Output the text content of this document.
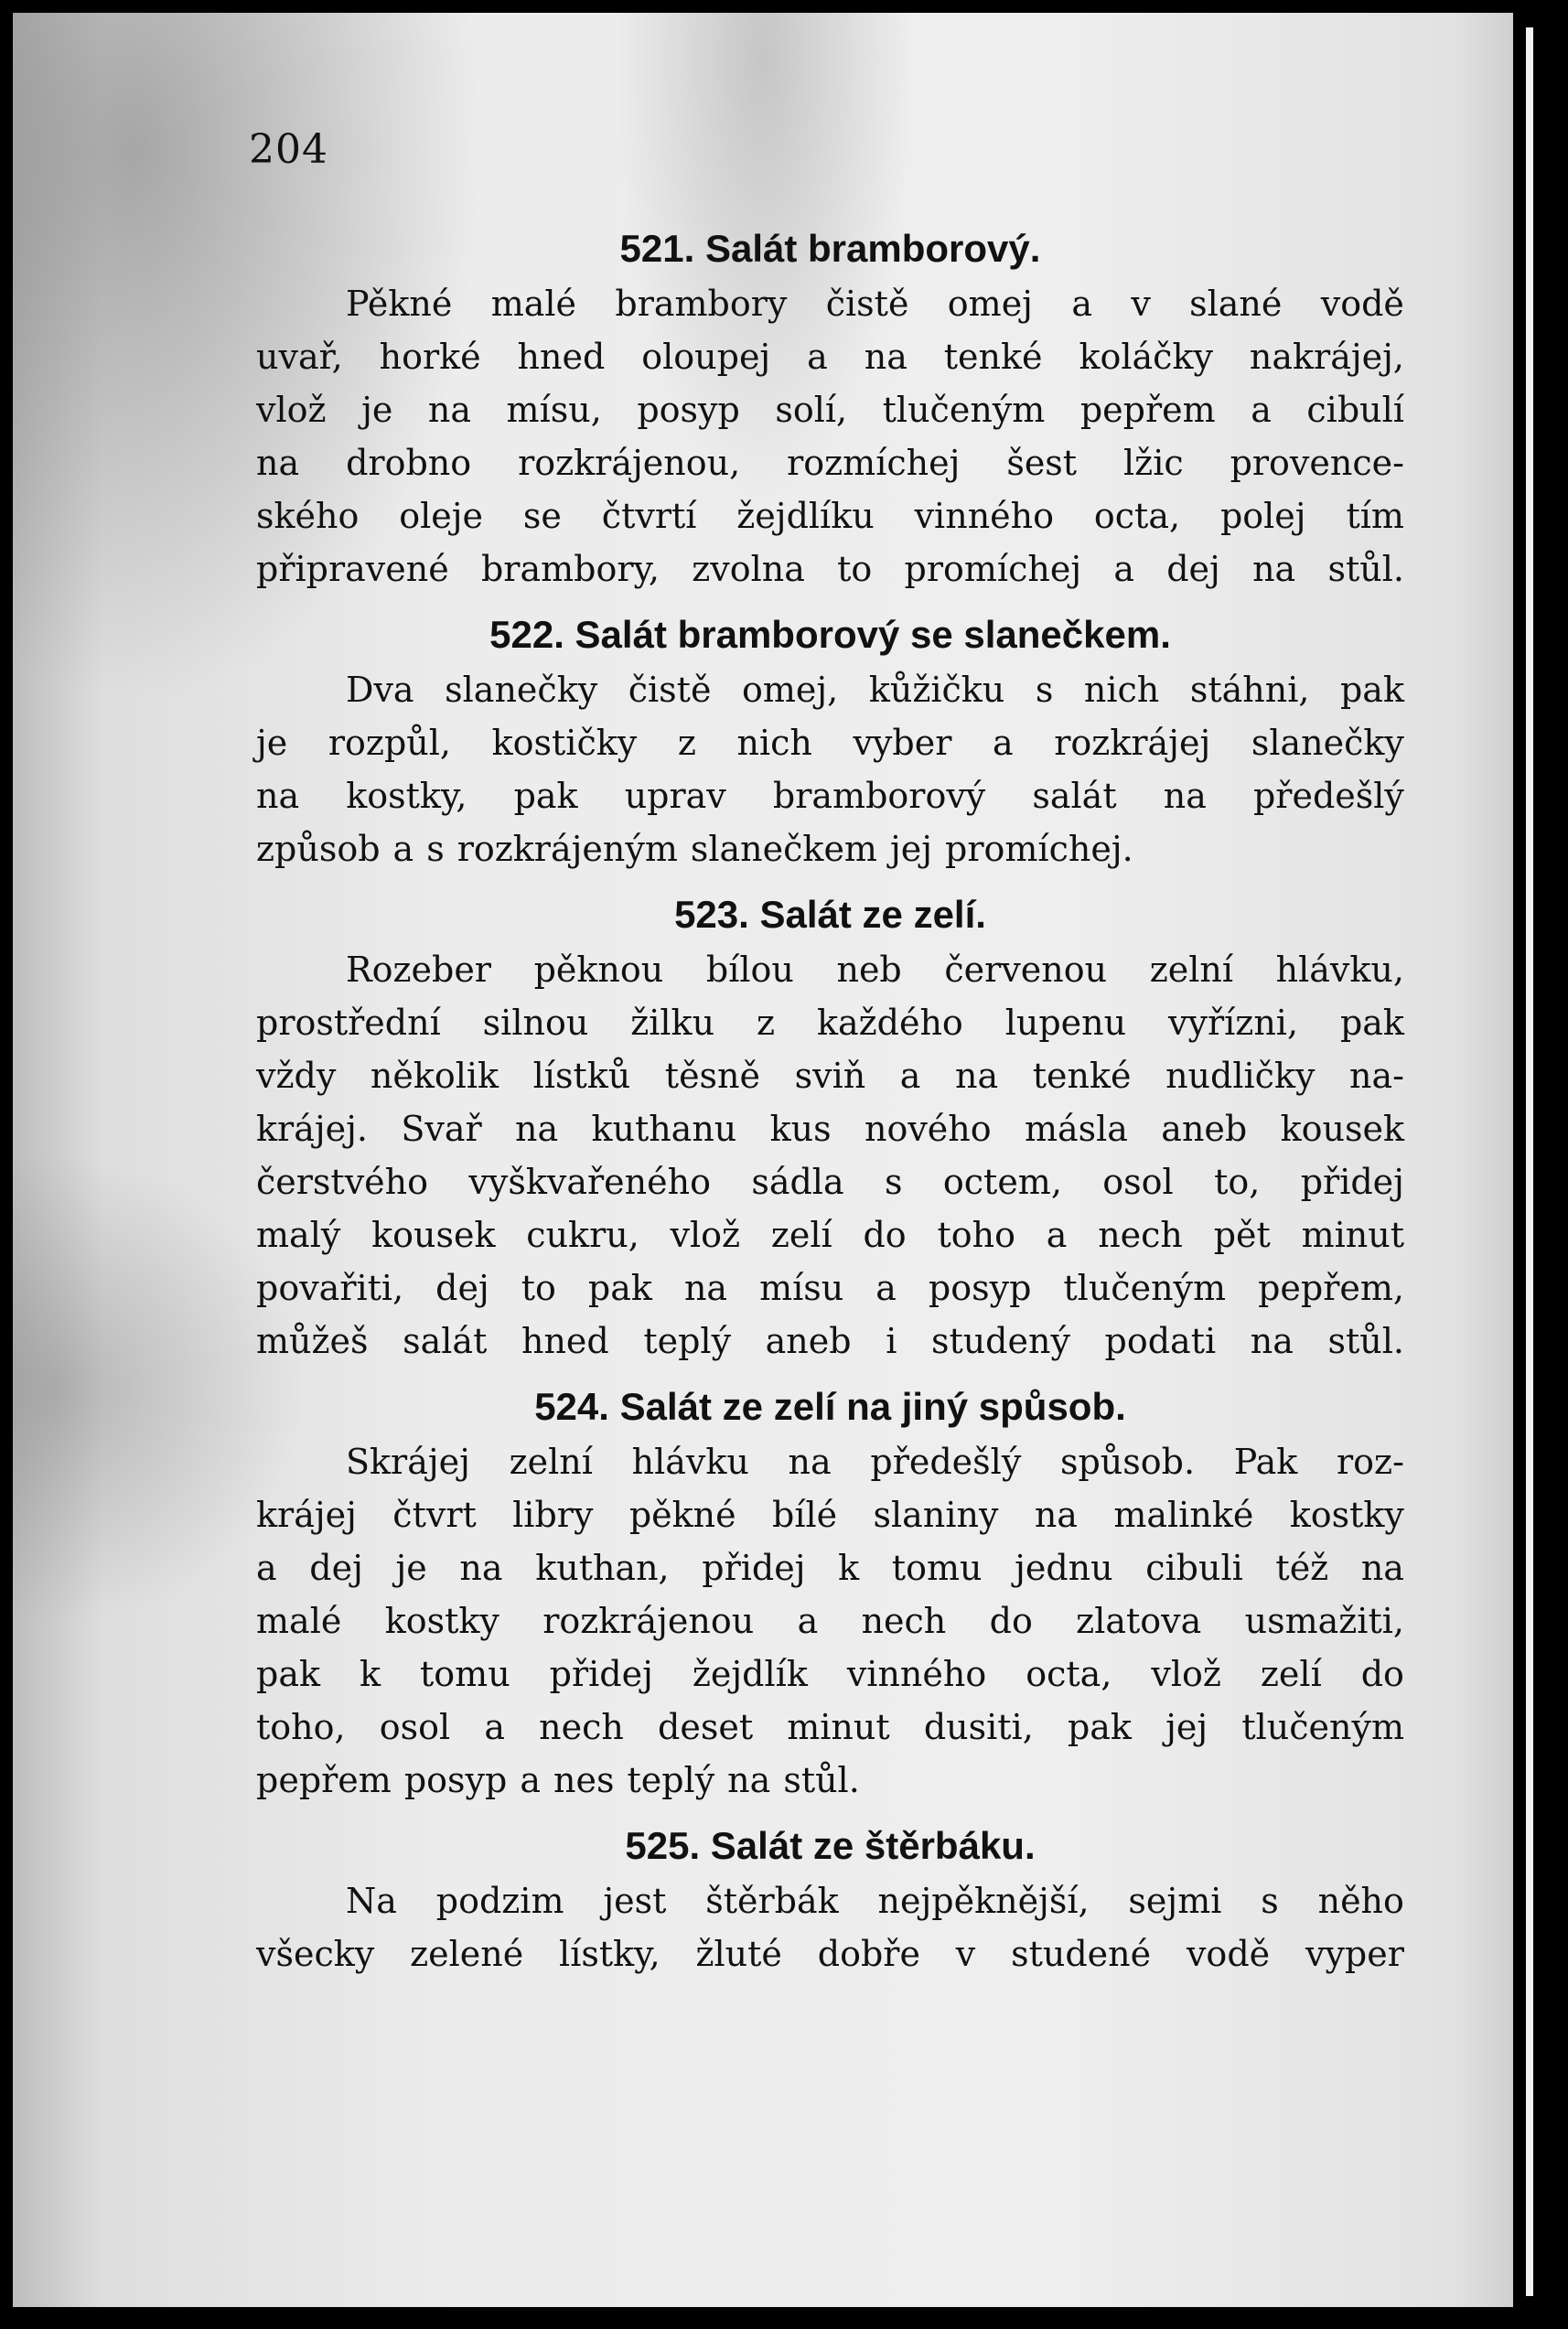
204
521. Salát bramborový.
Pěkné malé brambory čistě omej a v slané vodě
uvař, horké hned oloupej a na tenké koláčky nakrájej,
vlož je na mísu, posyp solí, tlučeným pepřem a cibulí
na drobno rozkrájenou, rozmíchej šest lžic provence-
ského oleje se čtvrtí žejdlíku vinného octa, polej tím
připravené brambory, zvolna to promíchej a dej na stůl.
522. Salát bramborový se slanečkem.
Dva slanečky čistě omej, kůžičku s nich stáhni, pak
je rozpůl, kostičky z nich vyber a rozkrájej slanečky
na kostky, pak uprav bramborový salát na předešlý
způsob a s rozkrájeným slanečkem jej promíchej.
523. Salát ze zelí.
Rozeber pěknou bílou neb červenou zelní hlávku,
prostřední silnou žilku z každého lupenu vyřízni, pak
vždy několik lístků těsně sviň a na tenké nudličky na-
krájej. Svař na kuthanu kus nového másla aneb kousek
čerstvého vyškvařeného sádla s octem, osol to, přidej
malý kousek cukru, vlož zelí do toho a nech pět minut
povařiti, dej to pak na mísu a posyp tlučeným pepřem,
můžeš salát hned teplý aneb i studený podati na stůl.
524. Salát ze zelí na jiný spůsob.
Skrájej zelní hlávku na předešlý spůsob. Pak roz-
krájej čtvrt libry pěkné bílé slaniny na malinké kostky
a dej je na kuthan, přidej k tomu jednu cibuli též na
malé kostky rozkrájenou a nech do zlatova usmažiti,
pak k tomu přidej žejdlík vinného octa, vlož zelí do
toho, osol a nech deset minut dusiti, pak jej tlučeným
pepřem posyp a nes teplý na stůl.
525. Salát ze štěrbáku.
Na podzim jest štěrbák nejpěknější, sejmi s něho
všecky zelené lístky, žluté dobře v studené vodě vyper
